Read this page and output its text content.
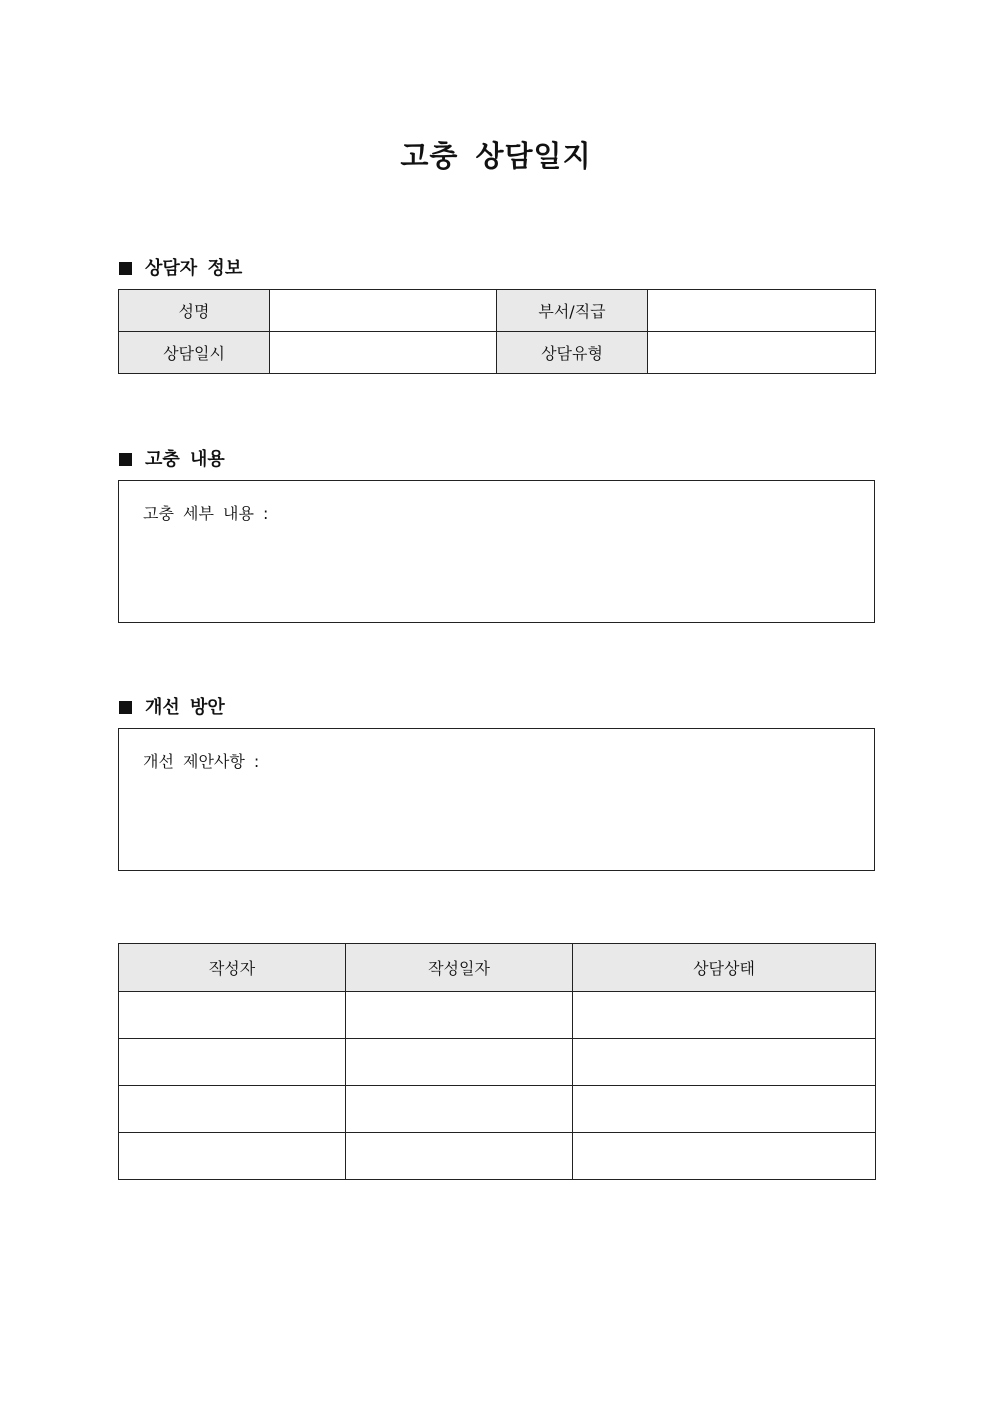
고충 상담일지
상담자 정보
성명		부서/직급	
상담일시		상담유형	
고충 내용
고충 세부 내용 :
개선 방안
개선 제안사항 :
작성자	작성일자	상담상태
